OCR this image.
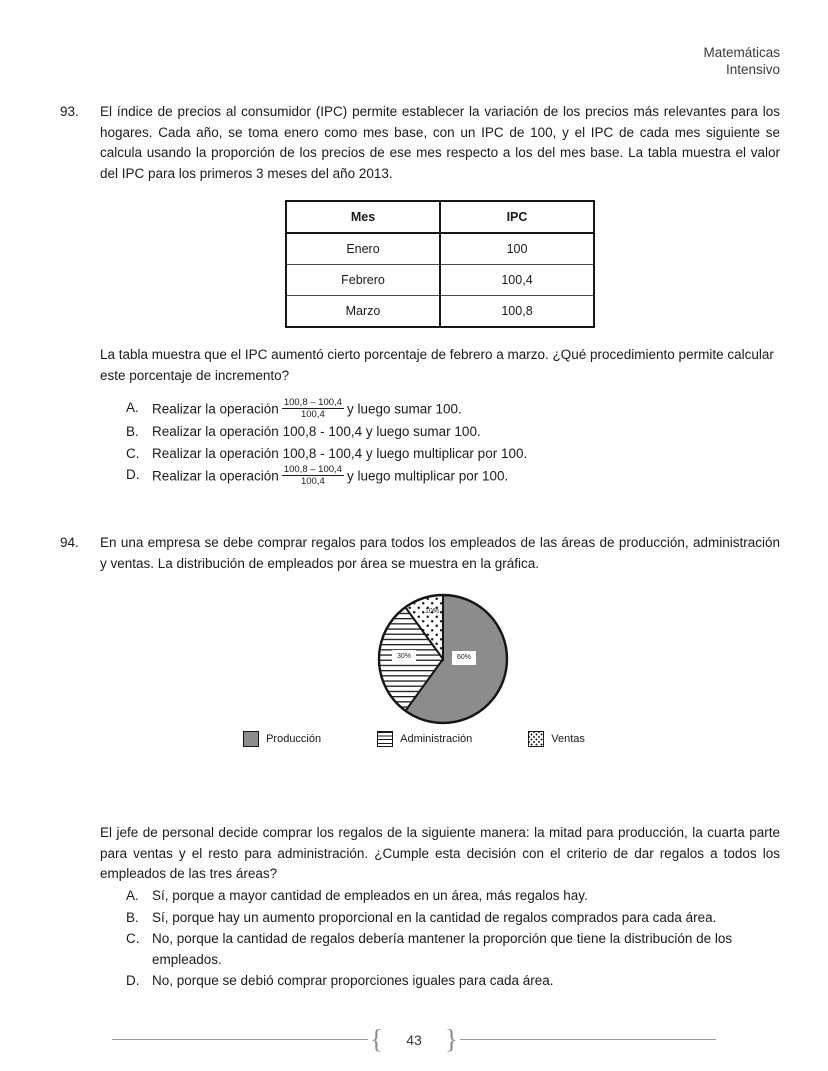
Matemáticas
Intensivo
93.	El índice de precios al consumidor (IPC) permite establecer la variación de los precios más relevantes para los hogares. Cada año, se toma enero como mes base, con un IPC de 100, y el IPC de cada mes siguiente se calcula usando la proporción de los precios de ese mes respecto a los del mes base. La tabla muestra el valor del IPC para los primeros 3 meses del año 2013.
Mes	IPC
Enero	100
Febrero	100,4
Marzo	100,8
La tabla muestra que el IPC aumentó cierto porcentaje de febrero a marzo. ¿Qué procedimiento permite calcular este porcentaje de incremento?
A. Realizar la operación $\frac{100,8 - 100,4}{100,4}$ y luego sumar 100.
B. Realizar la operación 100,8 - 100,4 y luego sumar 100.
C. Realizar la operación 100,8 - 100,4 y luego multiplicar por 100.
D. Realizar la operación $\frac{100,8 - 100,4}{100,4}$ y luego multiplicar por 100.
94.	En una empresa se debe comprar regalos para todos los empleados de las áreas de producción, administración y ventas. La distribución de empleados por área se muestra en la gráfica.
60%
30%
10%
Producción	Administración	Ventas
El jefe de personal decide comprar los regalos de la siguiente manera: la mitad para producción, la cuarta parte para ventas y el resto para administración. ¿Cumple esta decisión con el criterio de dar regalos a todos los empleados de las tres áreas?
A. Sí, porque a mayor cantidad de empleados en un área, más regalos hay.
B. Sí, porque hay un aumento proporcional en la cantidad de regalos comprados para cada área.
C. No, porque la cantidad de regalos debería mantener la proporción que tiene la distribución de los empleados.
D. No, porque se debió comprar proporciones iguales para cada área.
{	43 }
